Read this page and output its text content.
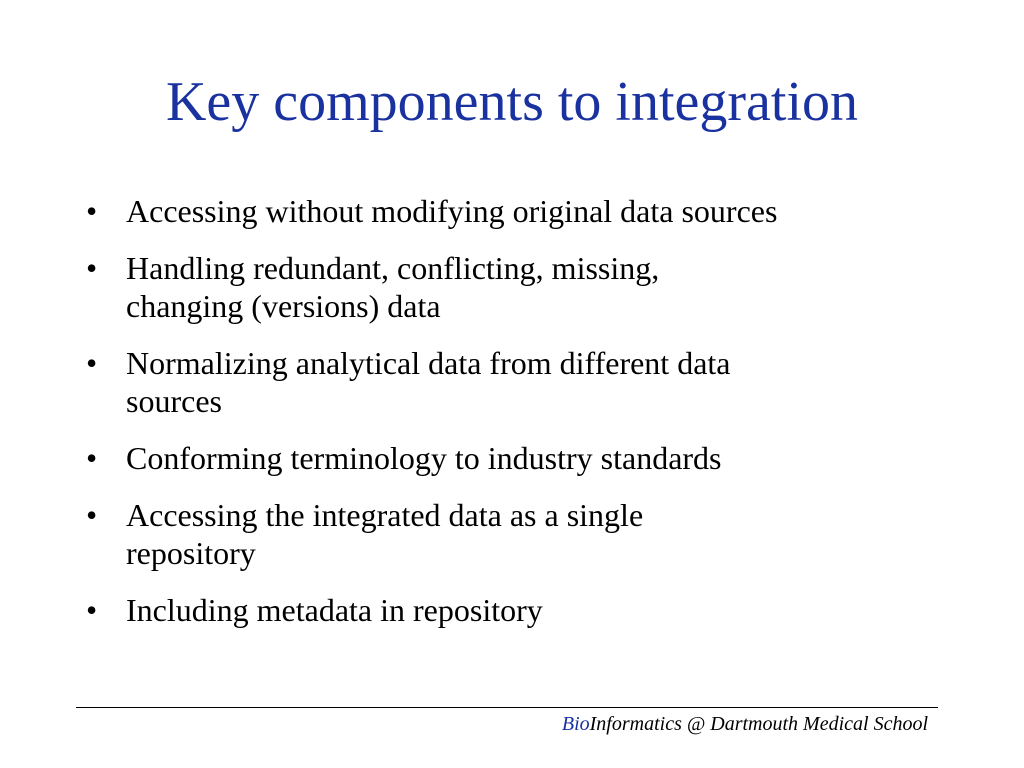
Key components to integration
• Accessing without modifying original data sources
• Handling redundant, conflicting, missing,
changing (versions) data
• Normalizing analytical data from different data
sources
• Conforming terminology to industry standards
• Accessing the integrated data as a single
repository
• Including metadata in repository
BioInformatics @ Dartmouth Medical School
